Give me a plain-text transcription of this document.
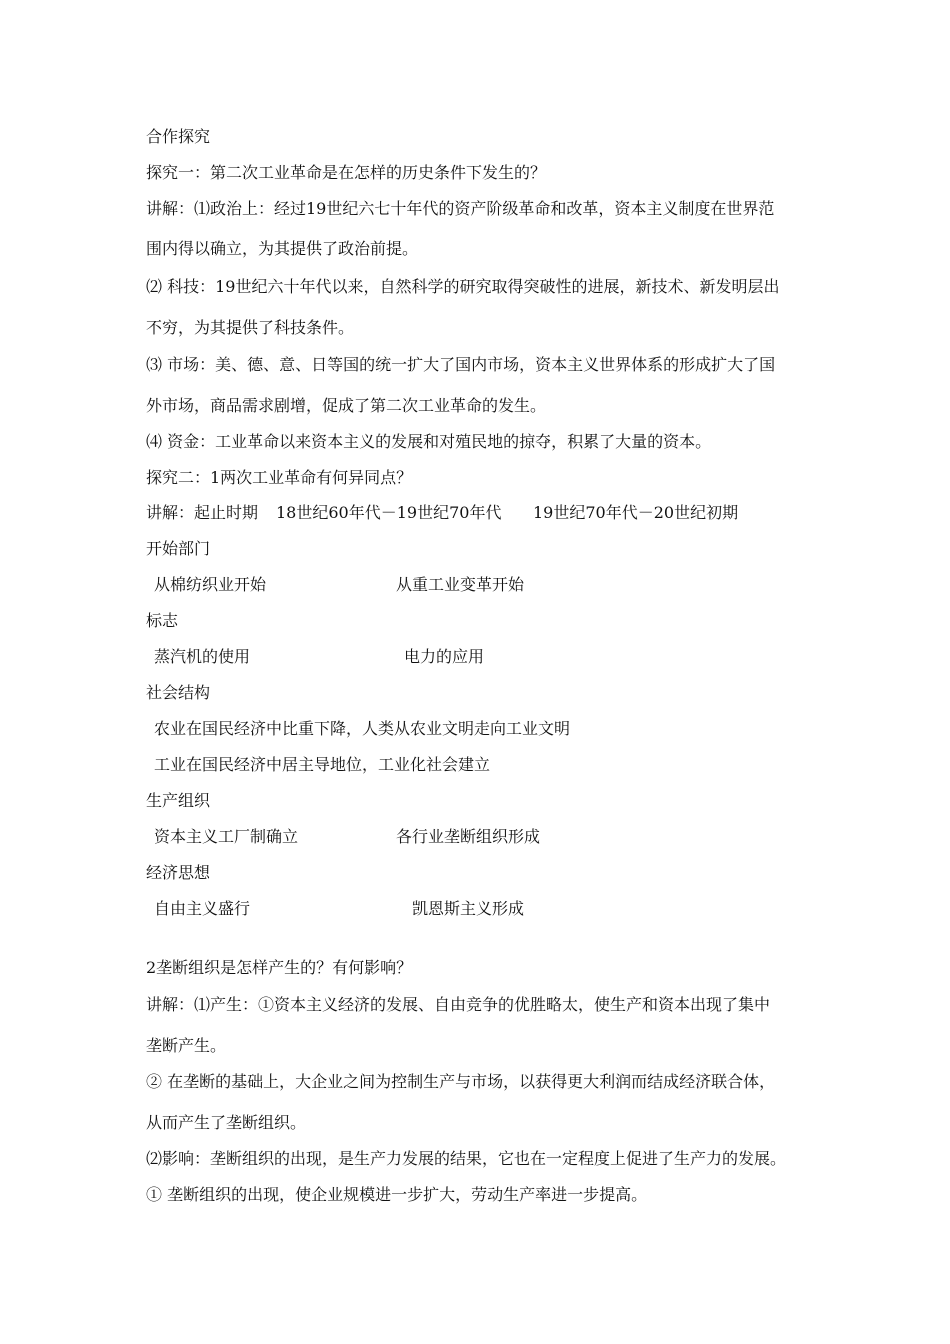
合作探究
探究一：第二次工业革命是在怎样的历史条件下发生的？
讲解：⑴政治上：经过19世纪六七十年代的资产阶级革命和改革，资本主义制度在世界范
围内得以确立，为其提供了政治前提。
⑵ 科技：19世纪六十年代以来，自然科学的研究取得突破性的进展，新技术、新发明层出
不穷，为其提供了科技条件。
⑶ 市场：美、德、意、日等国的统一扩大了国内市场，资本主义世界体系的形成扩大了国
外市场，商品需求剧增，促成了第二次工业革命的发生。
⑷ 资金：工业革命以来资本主义的发展和对殖民地的掠夺，积累了大量的资本。
探究二：1两次工业革命有何异同点？
讲解：起止时期 18世纪60年代－19世纪70年代 19世纪70年代－20世纪初期
开始部门
从棉纺织业开始	从重工业变革开始
标志
蒸汽机的使用	电力的应用
社会结构
农业在国民经济中比重下降，人类从农业文明走向工业文明
工业在国民经济中居主导地位，工业化社会建立
生产组织
资本主义工厂制确立	各行业垄断组织形成
经济思想
自由主义盛行	凯恩斯主义形成
2垄断组织是怎样产生的？有何影响？
讲解：⑴产生：①资本主义经济的发展、自由竞争的优胜略太，使生产和资本出现了集中
垄断产生。
② 在垄断的基础上，大企业之间为控制生产与市场，以获得更大利润而结成经济联合体，
从而产生了垄断组织。
⑵影响：垄断组织的出现，是生产力发展的结果，它也在一定程度上促进了生产力的发展。
① 垄断组织的出现，使企业规模进一步扩大，劳动生产率进一步提高。
